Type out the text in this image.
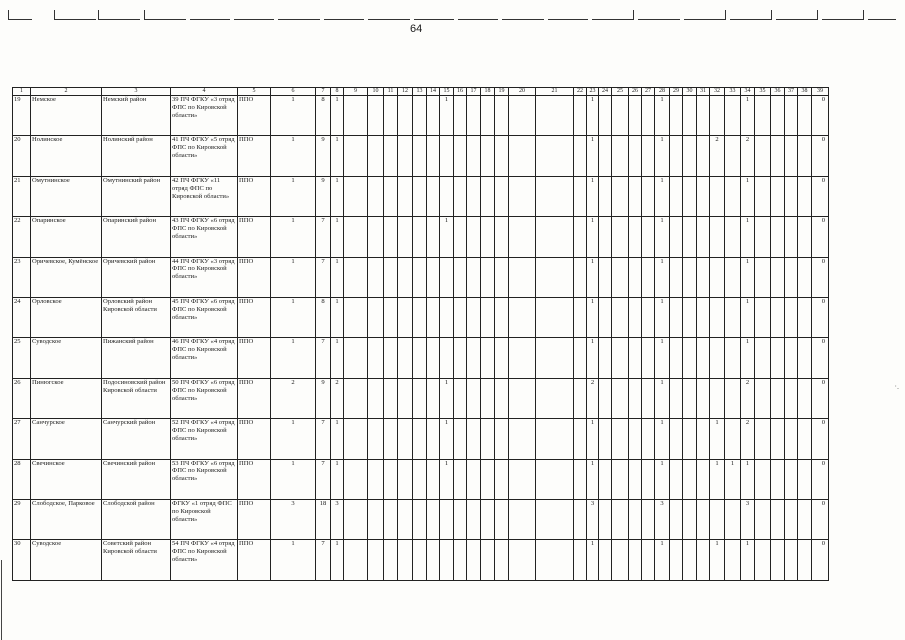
64
1	2	3	4	5	6	7	8	9	10	11	12	13	14	15	16	17	18	19	20	21	22	23	24	25	26	27	28	29	30	31	32	33	34	35	36	37	38	39
19	Немское	Немский район	39 ПЧ ФГКУ «3 отряд ФПС по Кировской области»	ППО	1	8	1							1								1					1						1					0
20	Нолинское	Нолинский район	41 ПЧ ФГКУ «5 отряд ФПС по Кировской области»	ППО	1	9	1															1					1				2		2					0
21	Омутнинское	Омутнинский район	42 ПЧ ФГКУ «11 отряд ФПС по Кировской области»	ППО	1	9	1															1					1						1					0
22	Опаринское	Опаринский район	43 ПЧ ФГКУ «6 отряд ФПС по Кировской области»	ППО	1	7	1							1								1					1						1					0
23	Оричевское, Кумёнское	Оричевский район	44 ПЧ ФГКУ «3 отряд ФПС по Кировской области»	ППО	1	7	1															1					1						1					0
24	Орловское	Орловский район Кировской области	45 ПЧ ФГКУ «6 отряд ФПС по Кировской области»	ППО	1	8	1															1					1						1					0
25	Суводское	Пижанский район	46 ПЧ ФГКУ «4 отряд ФПС по Кировской области»	ППО	1	7	1															1					1						1					0
26	Пинюгское	Подосиновский район Кировской области	50 ПЧ ФГКУ «6 отряд ФПС по Кировской области»	ППО	2	9	2							1								2					1						2					0
27	Санчурское	Санчурский район	52 ПЧ ФГКУ «4 отряд ФПС по Кировской области»	ППО	1	7	1							1								1					1				1		2					0
28	Свечинское	Свечинский район	53 ПЧ ФГКУ «6 отряд ФПС по Кировской области»	ППО	1	7	1							1								1					1				1	1	1					0
29	Слободское, Парковое	Слободской район	ФГКУ «1 отряд ФПС по Кировской области»	ППО	3	18	3															3					3						3					0
30	Суводское	Советский район Кировской области	54 ПЧ ФГКУ «4 отряд ФПС по Кировской области»	ППО	1	7	1															1					1				1		1					0
·.
